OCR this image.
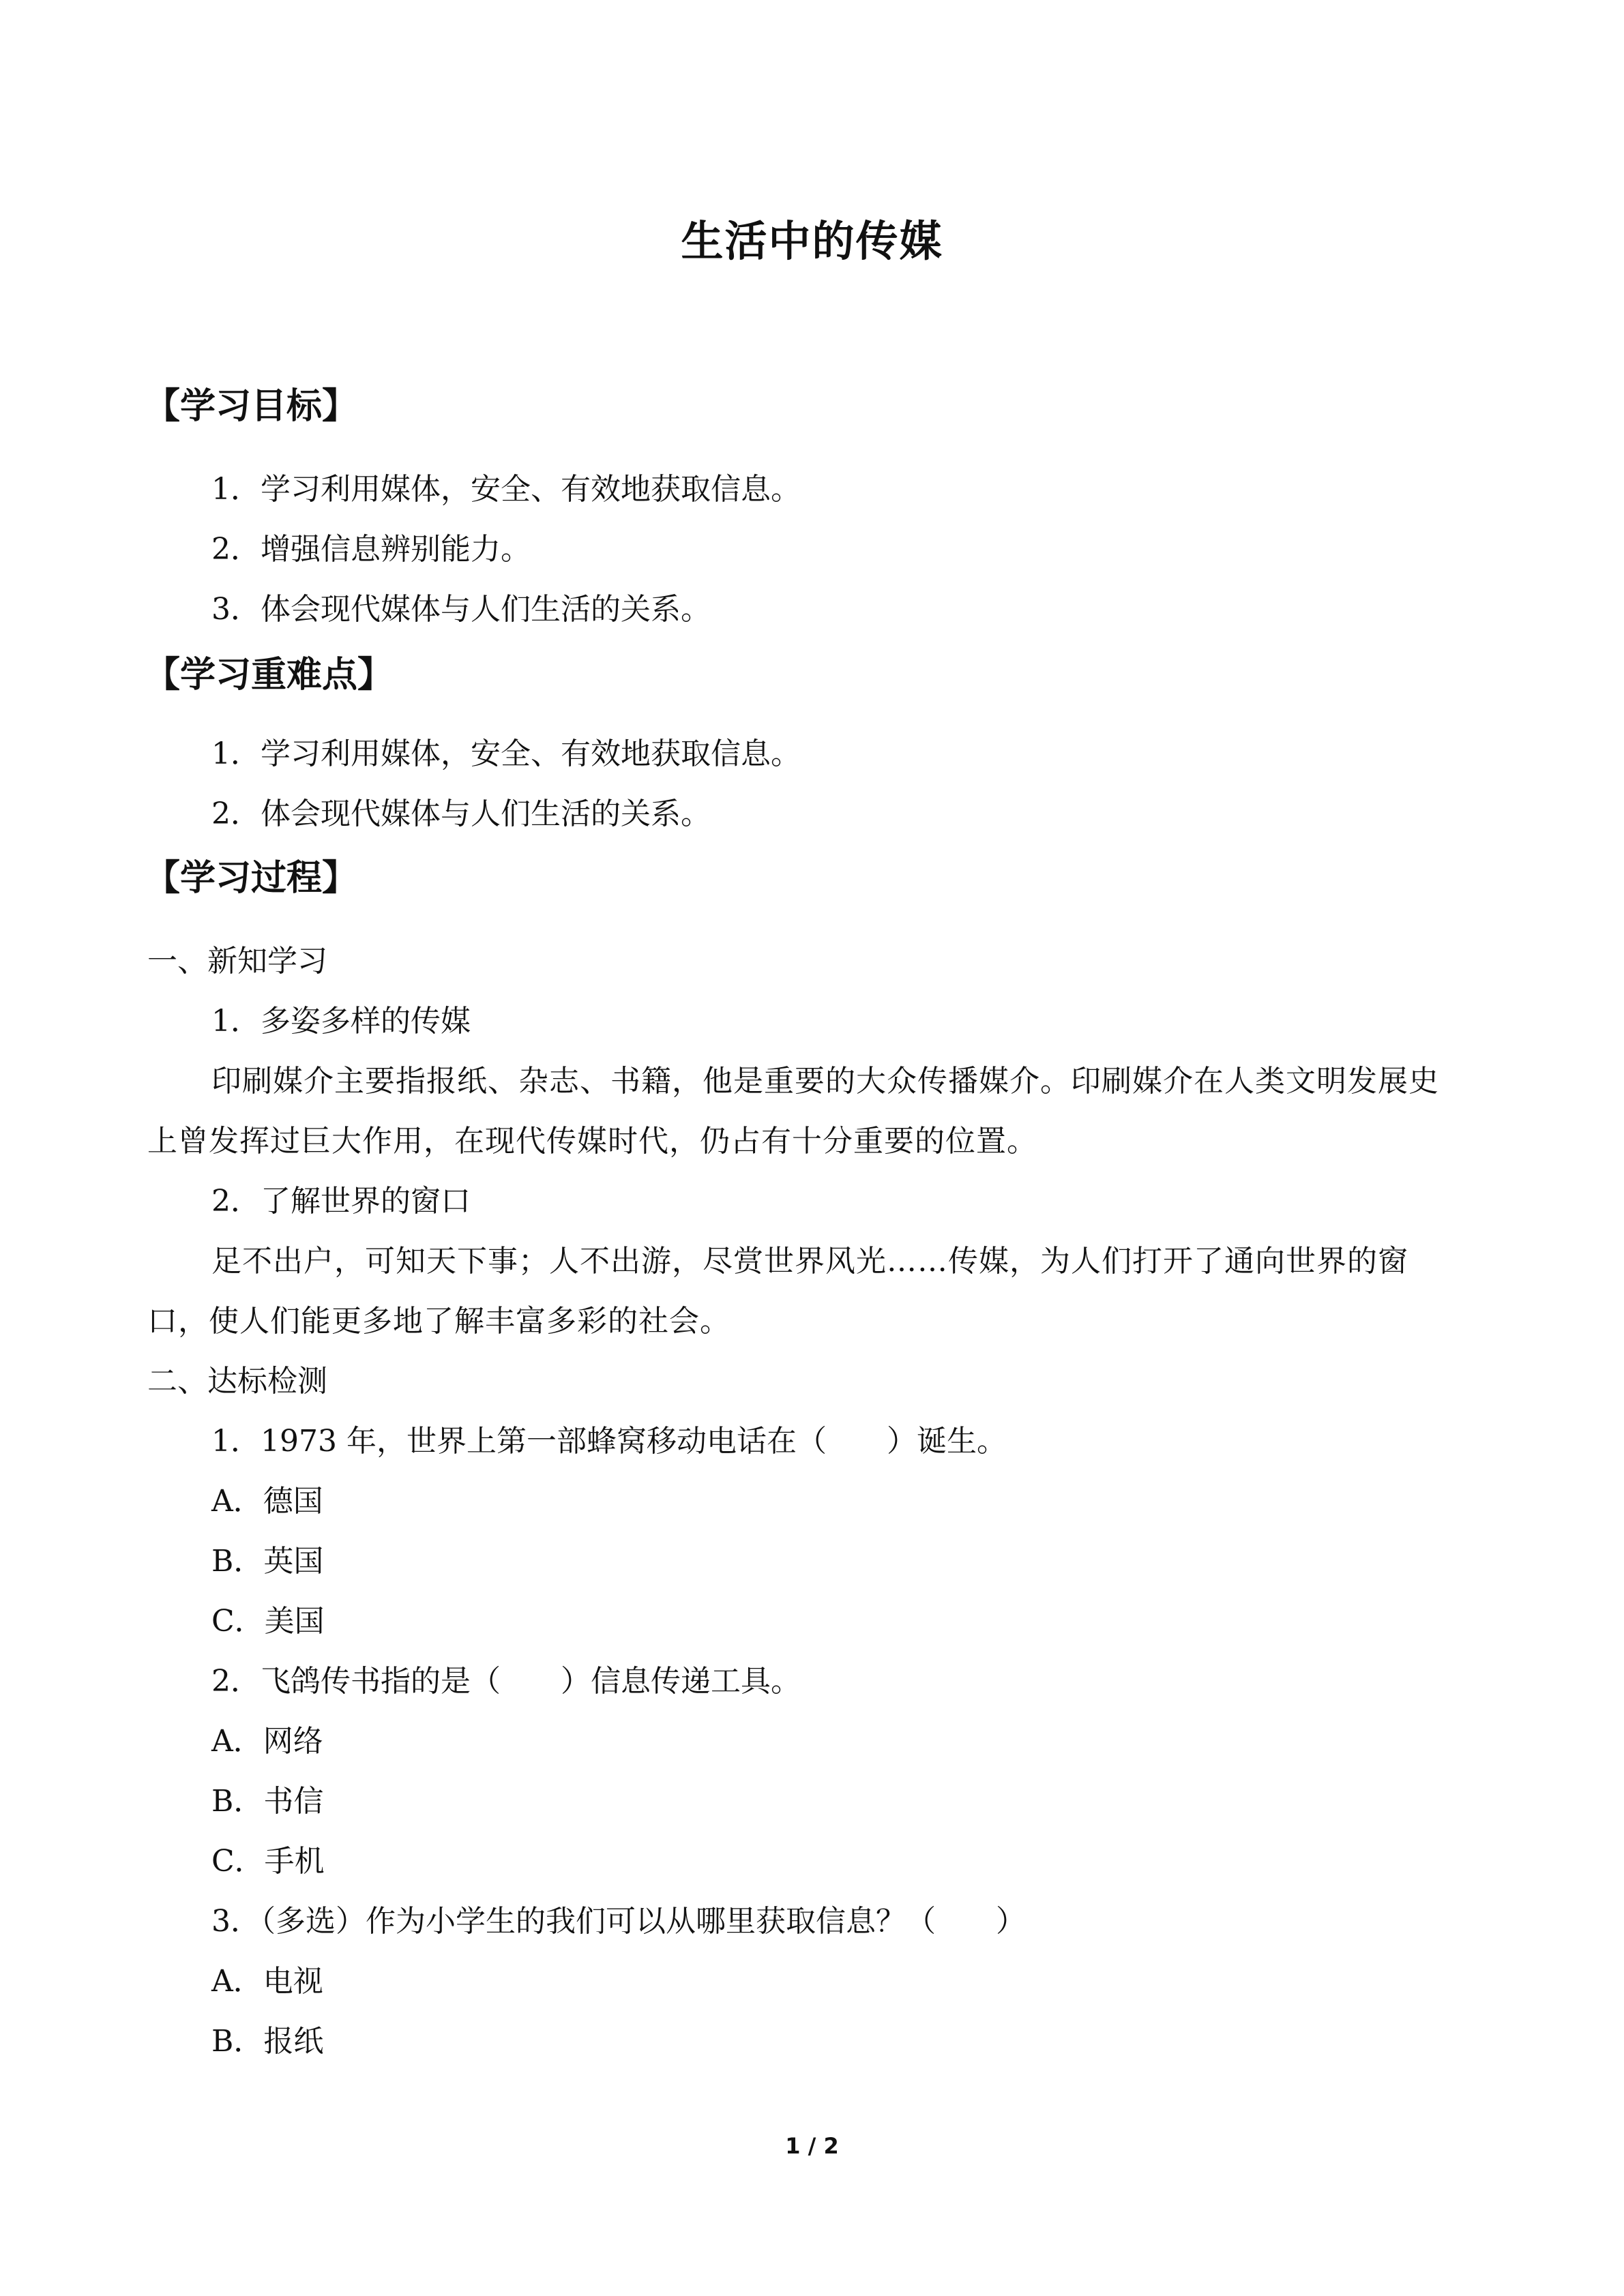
生活中的传媒
【学习目标】
1．学习利用媒体，安全、有效地获取信息。
2．增强信息辨别能力。
3．体会现代媒体与人们生活的关系。
【学习重难点】
1．学习利用媒体，安全、有效地获取信息。
2．体会现代媒体与人们生活的关系。
【学习过程】
一、新知学习
1．多姿多样的传媒
印刷媒介主要指报纸、杂志、书籍，他是重要的大众传播媒介。印刷媒介在人类文明发展史上曾发挥过巨大作用，在现代传媒时代，仍占有十分重要的位置。
2．了解世界的窗口
足不出户，可知天下事；人不出游，尽赏世界风光……传媒，为人们打开了通向世界的窗口，使人们能更多地了解丰富多彩的社会。
二、达标检测
1．1973 年，世界上第一部蜂窝移动电话在（　　）诞生。
A．德国
B．英国
C．美国
2．飞鸽传书指的是（　　）信息传递工具。
A．网络
B．书信
C．手机
3．（多选）作为小学生的我们可以从哪里获取信息？（　　）
A．电视
B．报纸
1 / 2
